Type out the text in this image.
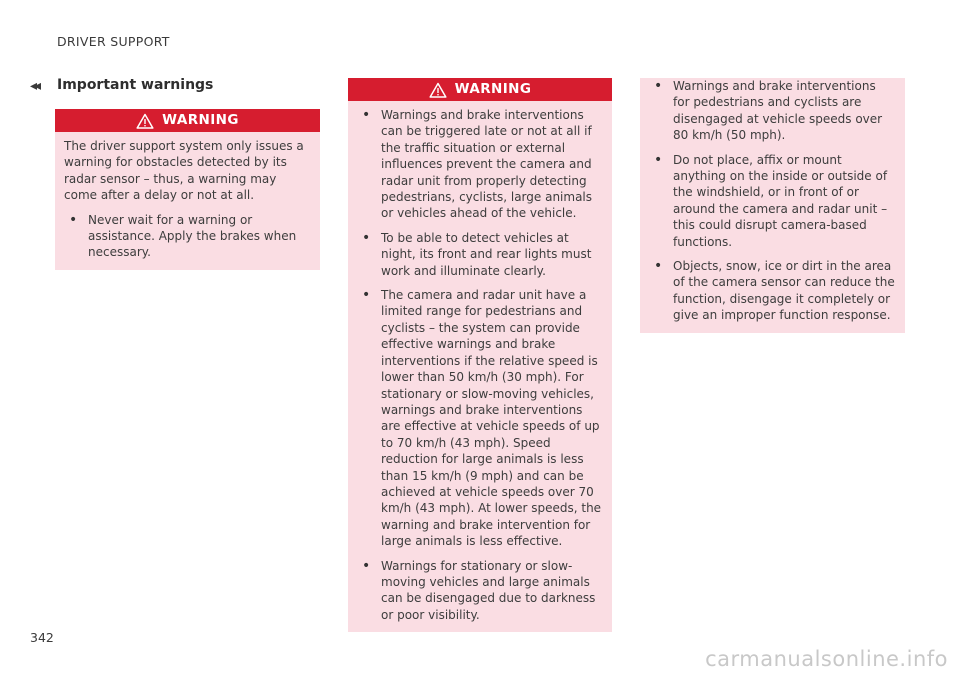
DRIVER SUPPORT
◂◂ Important warnings
WARNING

The driver support system only issues a warning for obstacles detected by its radar sensor – thus, a warning may come after a delay or not at all.

• Never wait for a warning or assistance. Apply the brakes when necessary.
WARNING
• Warnings and brake interventions can be triggered late or not at all if the traffic situation or external influences prevent the camera and radar unit from properly detecting pedestrians, cyclists, large animals or vehicles ahead of the vehicle.
• To be able to detect vehicles at night, its front and rear lights must work and illuminate clearly.
• The camera and radar unit have a limited range for pedestrians and cyclists – the system can provide effective warnings and brake interventions if the relative speed is lower than 50 km/h (30 mph). For stationary or slow-moving vehicles, warnings and brake interventions are effective at vehicle speeds of up to 70 km/h (43 mph). Speed reduction for large animals is less than 15 km/h (9 mph) and can be achieved at vehicle speeds over 70 km/h (43 mph). At lower speeds, the warning and brake intervention for large animals is less effective.
• Warnings for stationary or slow-moving vehicles and large animals can be disengaged due to darkness or poor visibility.
• Warnings and brake interventions for pedestrians and cyclists are disengaged at vehicle speeds over 80 km/h (50 mph).
• Do not place, affix or mount anything on the inside or outside of the windshield, or in front of or around the camera and radar unit – this could disrupt camera-based functions.
• Objects, snow, ice or dirt in the area of the camera sensor can reduce the function, disengage it completely or give an improper function response.
342
carmanualsonline.info
